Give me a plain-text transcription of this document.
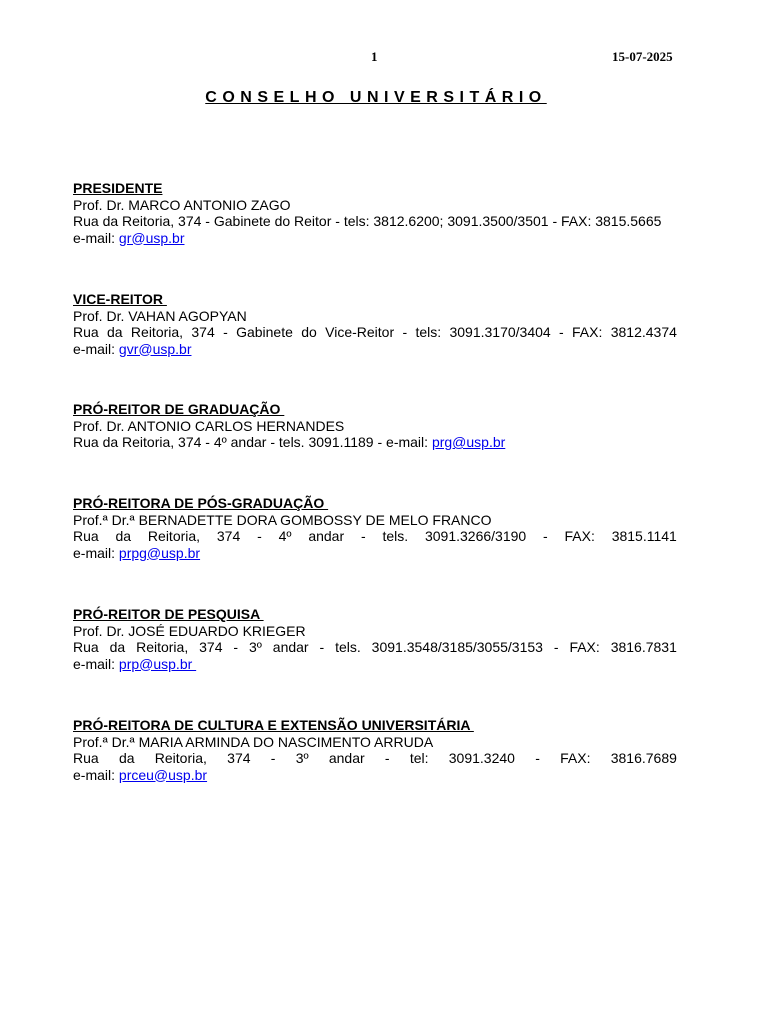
1	15-07-2025
CONSELHO UNIVERSITÁRIO
PRESIDENTE
Prof. Dr. MARCO ANTONIO ZAGO
Rua da Reitoria, 374 - Gabinete do Reitor - tels: 3812.6200; 3091.3500/3501 - FAX: 3815.5665
e-mail: gr@usp.br
VICE-REITOR
Prof. Dr. VAHAN AGOPYAN
Rua da Reitoria, 374 - Gabinete do Vice-Reitor - tels: 3091.3170/3404 - FAX: 3812.4374
e-mail: gvr@usp.br
PRÓ-REITOR DE GRADUAÇÃO
Prof. Dr. ANTONIO CARLOS HERNANDES
Rua da Reitoria, 374 - 4º andar - tels. 3091.1189 - e-mail: prg@usp.br
PRÓ-REITORA DE PÓS-GRADUAÇÃO
Prof.ª Dr.ª BERNADETTE DORA GOMBOSSY DE MELO FRANCO
Rua da Reitoria, 374 - 4º andar - tels. 3091.3266/3190 - FAX: 3815.1141
e-mail: prpg@usp.br
PRÓ-REITOR DE PESQUISA
Prof. Dr. JOSÉ EDUARDO KRIEGER
Rua da Reitoria, 374 - 3º andar - tels. 3091.3548/3185/3055/3153 - FAX: 3816.7831
e-mail: prp@usp.br
PRÓ-REITORA DE CULTURA E EXTENSÃO UNIVERSITÁRIA
Prof.ª Dr.ª MARIA ARMINDA DO NASCIMENTO ARRUDA
Rua da Reitoria, 374 - 3º andar - tel: 3091.3240 - FAX: 3816.7689
e-mail: prceu@usp.br
